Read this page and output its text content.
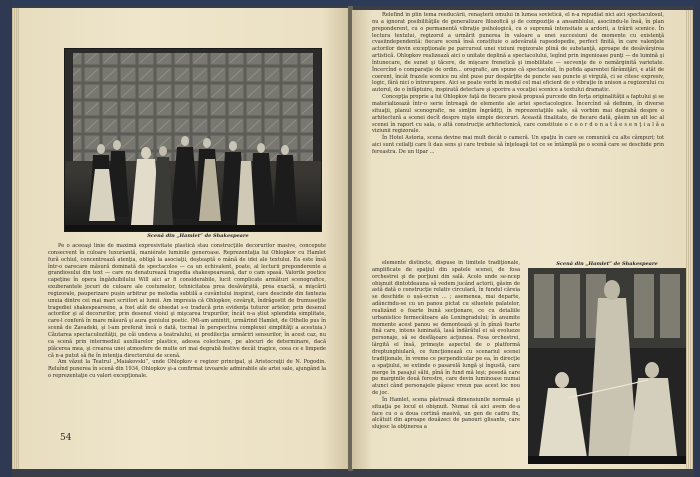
Scenă din „Hamlet” de Shakespeare

Pe o aceeaşi linie de maximă expresivitate plastică stau construcţiile decorurilor masive, concepute consecvent în culoare luxuriantă, maniérate luminile generoase. Reprezentaţia lui Ohlopkov cu Hamlet fură ochiul, concentrează atenţia, obligă la asociaţii, deşteaptă o mână de idei ale textului. Ea este însă într-o oarecare măsură dominată de spectacolos — ca un echivalent, poate, al lecturii preponderente a grandiosului din text — care nu denaturează tragedia shakespeareană, dar o cam spasă. Valorile poetice capeţine în opera îngăduibilului Will aici ar fi considerabile, lucit complicate armături scenografice, exuberantele jocuri de culoare ale costumelor, tehnicitatea prea desăvârşită, prea exactă, a mişcării regizorale, pauperizare pușin arbitrar pe melodia subtilă a cuvântului inspirat, care descinde din fantezia unuia dintre cei mai mari scriitori ai lumii. Am impresia că Ohlopkov, covârşit, îndrăgostit de frumuseţile tragediei shakespeareene, a fost atât de obsedat s-o traducă prin evidenţa tuturor artelor, prin desenul actorilor şi al decorurilor, prin desenul vioiul şi mişcarea trupurilor, încât n-a ştiut splendida simplitate, care-l conferă în mare măsură şi aura geniului poetic. (Mi-am amintit, urmărind Hamlet, de Othello pus în scenă de Zavadski, şi l-am preferat încă o dată, tocmai în perspectiva complexei simplităţi a acestuia.) Căutarea spectaculozităţii, pe căi undeva a teatralului, ei predilecţia urmăriri sensurilor, în acest caz, nu ca scenă prin intermediul auxiliarelor plastice, adesea colectoare, pe alocuri de determinare, dacă plăcerea mea, şi crearea unei atmosfere de multe ori mai degrabă festive decât tragice, ceea ce e limpede că n-a putut să fie în intenţia directorului de scenă.

Am văzut la Teatrul „Maiakovski”, unde Ohlopkov e regizor principal, şi Aristocraţii de N. Pogodin. Reluînd punerea în scenă din 1934, Ohlopkov şi-a confirmat izvoarele admirabile ale artei sale, ajungând la o reprezentaţie cu valori excepţionale.

54

Relefînd în plin tema reeducării, renaşterii omului în lumea sovietică, el n-a repudiat nici aici spectaculosul, nu a ignorat posibilităţile de generalizare filozofică şi de compoziţie a ansamblului, asociindu-le însă, în plan preponderent, cu o permanentă vibraţie psihologică, cu o supremă intensitate a ardorii, a trăirii scenice. În lectura textului, regizorul a urmărit punerea în valoare a unei succesiuni de momente cu existenţă cvasiindependentă: fiecare scenă însă constituie o adevărată rapsodopedie, perfect finită, în care valenţele actorilor devin excepţionale pe parcursul unei viziuni regizorale plină de substanţă, aproape de desăvârşirea artistică. Ohlopkov realizează aici o unitate deplină a spectacolului, legînd prin ingenioase punţi — de lumină şi întunecare, de sunet şi tăcere, de mişcare frenetică şi imobilitate — secvenţe de o nemărginită varietate. Încercînd o comparaţie de ordin... orografic, am spune că spectacolul, în pofida aparentei fărâmiţări, e atât de coerent, încât frazele scenice nu sînt puse pur despărţite de puncte sau puncte şi virgulă, ci se citesc expresiv, logic, fără nici o întrerupere. Aici se poate vorbi în modul cel mai eficient de o vibraţie în unison a regizorului cu autorul, de o înfăptuire, inspirată detectare şi sporire a vocaţiei scenice a textului dramatic.

Concepţia proprie a lui Ohlopkov faţă de fiecare piesă propusă purcede din forţa originalității a faptului şi se materializează într-o serie întreagă de elemente ale artei spectacologice. Încercînd să definim, în diverse situaţii, planul scenografic, ne simţim îngrădiţi, în reprezentaţiile sale, să vorbim mai degrabă despre o arhitectură a scenei decît despre nişte simple decoruri. Această finalitate, de fiecare dată, găsim un alt loc al scenei în raport cu sala, o altă construcţie arhitectonică, care constituie o c o o r d o n a t ă e s e n ţ i a l ă a viziunii regizorale.

În Hotel Astoria, scena devine mai mult decât o cameră. Un spaţiu în care se comunică cu alte câmpuri; tot aici sunt ceilalţi care îi dau sens şi care trebuie să înţeleagă tot ce se întâmplă pe o scenă care se deschide prin fereastra. De un tipar ...

elemente distincte, dispuse în limitele tradiţionale, amplificate de spaţiul din spatele scenei, de fosa orchestrei şi de porţiuni din sală. Acolo unde se-ncep obişnuit dintotdeauna să vedem jucând actorii, găsim de astă dată o construcţie relativ circulară, în fundul căreia se deschide o ușă-ecran ... ; asemenea, mai departe, adâncindu-se cu un panou pictat cu siluetele palatelor, realizând o foarte bună secţionare, ce cu detaliile urbanistice fermecătoare ale Leningradului; în anumite momente acest panou se demontează şi în pînză foarte fină care, intens luminată, lasă îndărătul ei să evolueze personaje, să se desfăşoare acţiunea. Fosa orchestrei, lărgită el însă, primeşte aspectul de o platformă dreptunghiulară, ce funcţionează cu scenariul scenei tradiţionale, în vreme ce perpendicular pe ea, în direcţie a spaţiului, se extinde o pasarelă lungă şi îngustă, care merge în pasajul sălii, pînă în fund mă leşi; posedă care pe marginile două ferestre, care devin luminoase numai atunci când personajele păşesc vreun pas acest loc nou de joc.

În Hamlet, scena păstrează dimensiunile normale şi situaţia pe locul ei obişnuit. Numai că aici avem de-a face cu o a doua cortină masivă, un gen de cadru fix, alcătuit din aproape douăzeci de panouri glisante, care slujesc la obţinerea a

Scenă din „Hamlet” de Shakespeare
